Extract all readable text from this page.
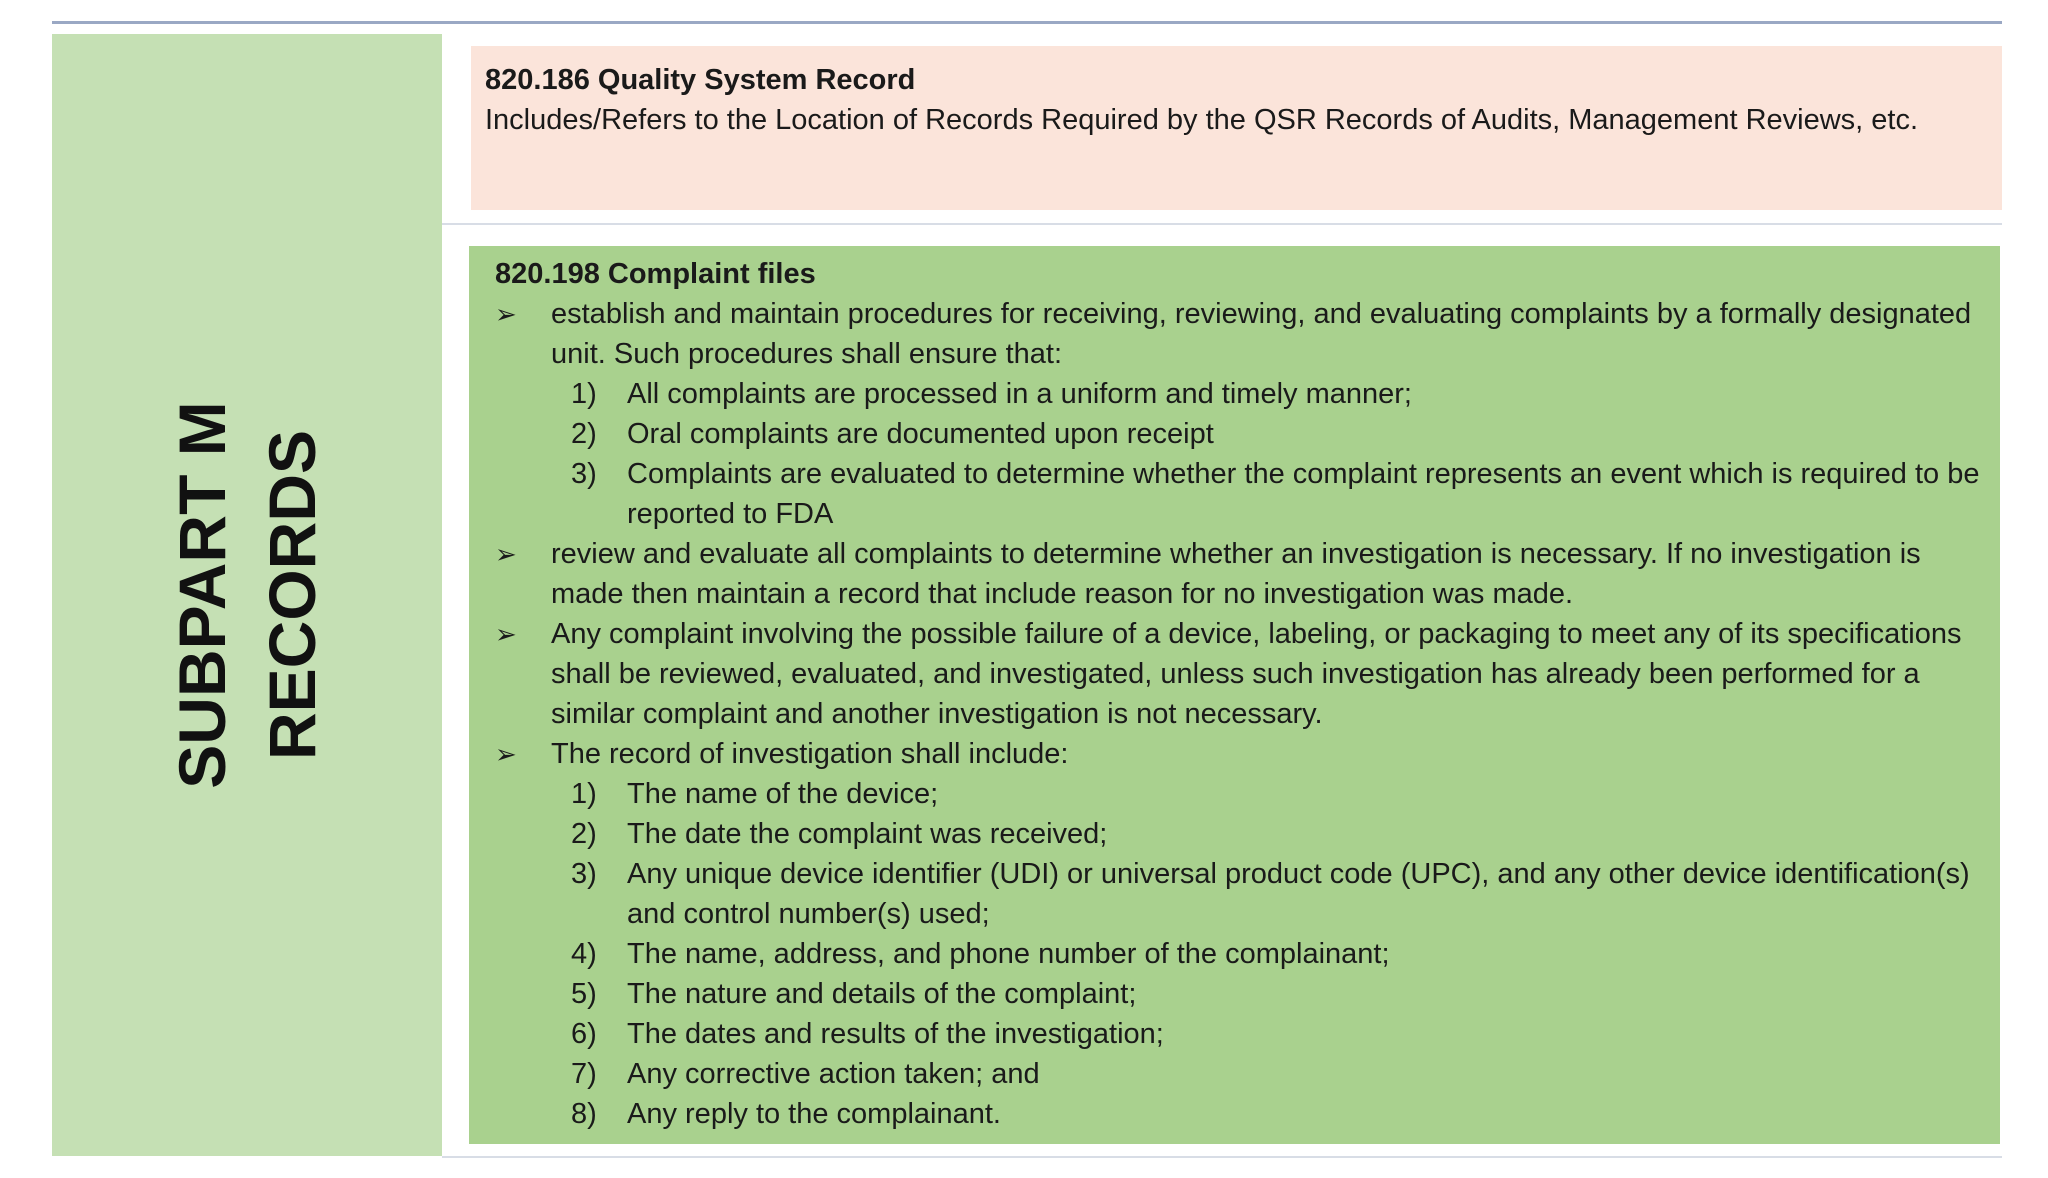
SUBPART M RECORDS
820.186 Quality System Record
Includes/Refers to the Location of Records Required by the QSR Records of Audits, Management Reviews, etc.
820.198 Complaint files
➢ establish and maintain procedures for receiving, reviewing, and evaluating complaints by a formally designated unit. Such procedures shall ensure that:
1) All complaints are processed in a uniform and timely manner;
2) Oral complaints are documented upon receipt
3) Complaints are evaluated to determine whether the complaint represents an event which is required to be reported to FDA
➢ review and evaluate all complaints to determine whether an investigation is necessary. If no investigation is made then maintain a record that include reason for no investigation was made.
➢ Any complaint involving the possible failure of a device, labeling, or packaging to meet any of its specifications shall be reviewed, evaluated, and investigated, unless such investigation has already been performed for a similar complaint and another investigation is not necessary.
➢ The record of investigation shall include:
1) The name of the device;
2) The date the complaint was received;
3) Any unique device identifier (UDI) or universal product code (UPC), and any other device identification(s) and control number(s) used;
4) The name, address, and phone number of the complainant;
5) The nature and details of the complaint;
6) The dates and results of the investigation;
7) Any corrective action taken; and
8) Any reply to the complainant.
